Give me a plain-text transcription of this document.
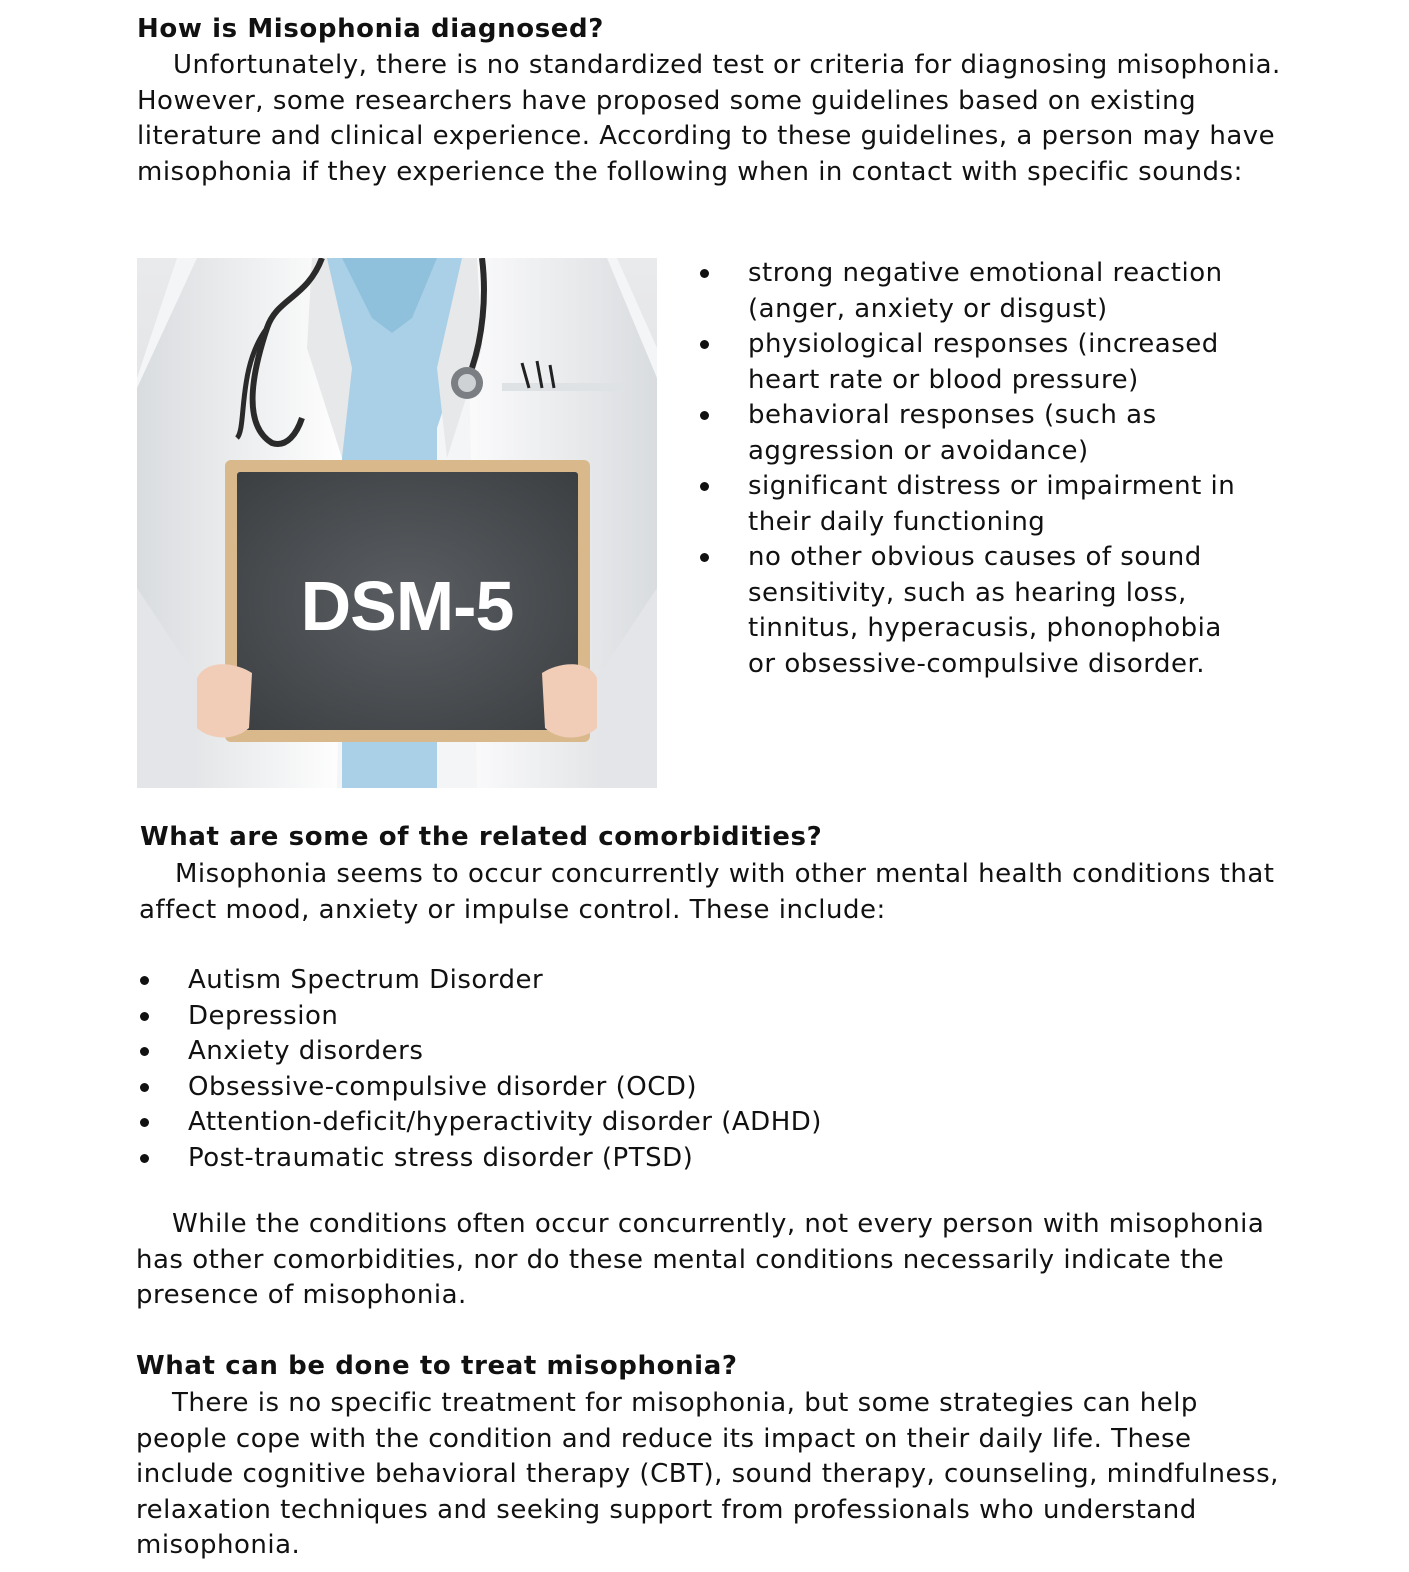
How is Misophonia diagnosed?

Unfortunately, there is no standardized test or criteria for diagnosing misophonia. However, some researchers have proposed some guidelines based on existing literature and clinical experience. According to these guidelines, a person may have misophonia if they experience the following when in contact with specific sounds:

DSM-5
strong negative emotional reaction (anger, anxiety or disgust)
physiological responses (increased heart rate or blood pressure)
behavioral responses (such as aggression or avoidance)
significant distress or impairment in their daily functioning
no other obvious causes of sound sensitivity, such as hearing loss, tinnitus, hyperacusis, phonophobia or obsessive-compulsive disorder.
What are some of the related comorbidities?

Misophonia seems to occur concurrently with other mental health conditions that affect mood, anxiety or impulse control. These include:

Autism Spectrum Disorder
Depression
Anxiety disorders
Obsessive-compulsive disorder (OCD)
Attention-deficit/hyperactivity disorder (ADHD)
Post-traumatic stress disorder (PTSD)

While the conditions often occur concurrently, not every person with misophonia has other comorbidities, nor do these mental conditions necessarily indicate the presence of misophonia.

What can be done to treat misophonia?

There is no specific treatment for misophonia, but some strategies can help people cope with the condition and reduce its impact on their daily life. These include cognitive behavioral therapy (CBT), sound therapy, counseling, mindfulness, relaxation techniques and seeking support from professionals who understand misophonia.
